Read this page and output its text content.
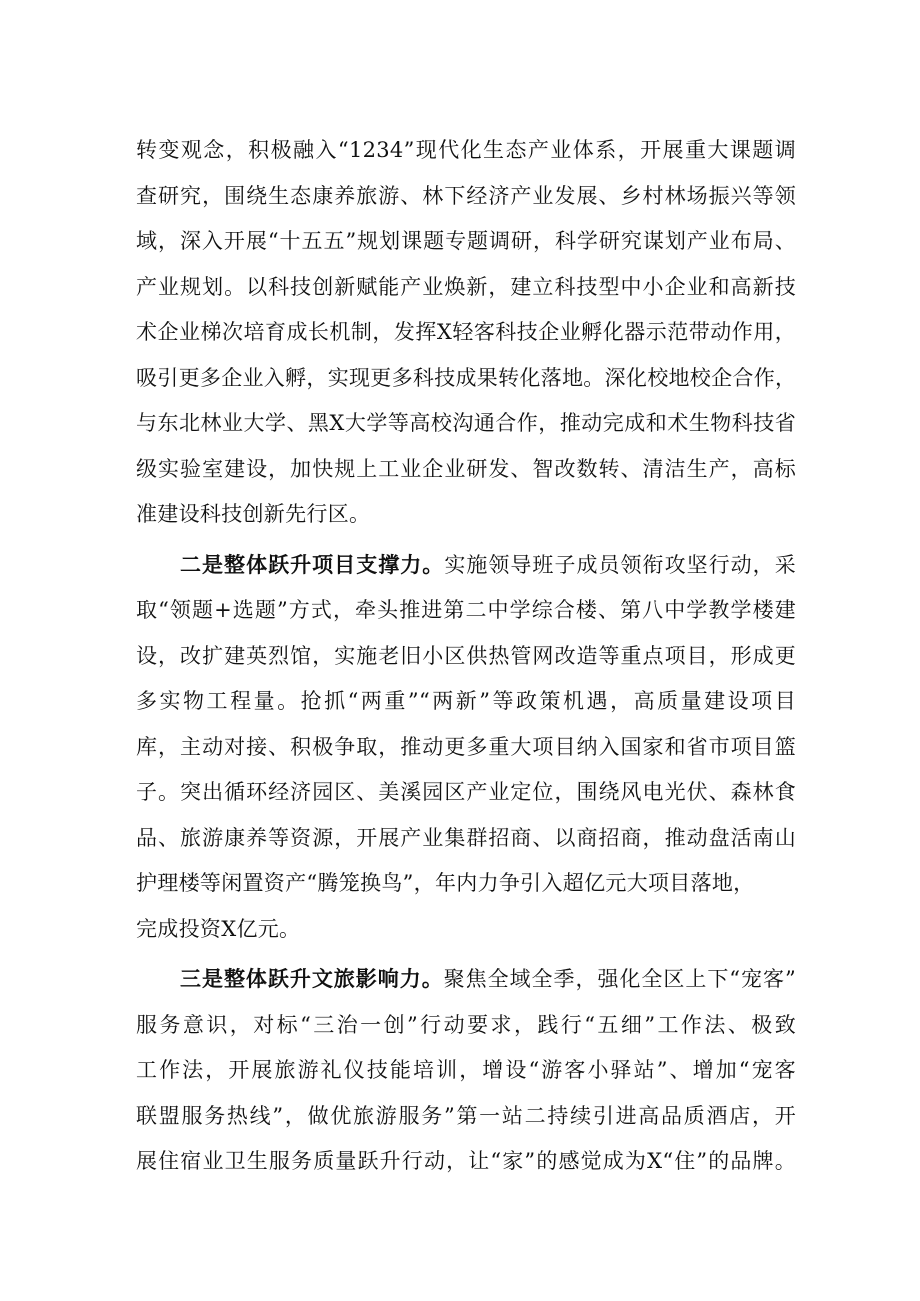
转变观念，积极融入“1234”现代化生态产业体系，开展重大课题调
查研究，围绕生态康养旅游、林下经济产业发展、乡村林场振兴等领
域，深入开展“十五五”规划课题专题调研，科学研究谋划产业布局、
产业规划。以科技创新赋能产业焕新，建立科技型中小企业和高新技
术企业梯次培育成长机制，发挥X轻客科技企业孵化器示范带动作用，
吸引更多企业入孵，实现更多科技成果转化落地。深化校地校企合作，
与东北林业大学、黑X大学等高校沟通合作，推动完成和术生物科技省
级实验室建设，加快规上工业企业研发、智改数转、清洁生产，高标
准建设科技创新先行区。
二是整体跃升项目支撑力。实施领导班子成员领衔攻坚行动，采
取“领题+选题”方式，牵头推进第二中学综合楼、第八中学教学楼建
设，改扩建英烈馆，实施老旧小区供热管网改造等重点项目，形成更
多实物工程量。抢抓“两重”“两新”等政策机遇，高质量建设项目
库，主动对接、积极争取，推动更多重大项目纳入国家和省市项目篮
子。突出循环经济园区、美溪园区产业定位，围绕风电光伏、森林食
品、旅游康养等资源，开展产业集群招商、以商招商，推动盘活南山
护理楼等闲置资产“腾笼换鸟”，年内力争引入超亿元大项目落地，
完成投资X亿元。
三是整体跃升文旅影响力。聚焦全域全季，强化全区上下“宠客”
服务意识，对标“三治一创”行动要求，践行“五细”工作法、极致
工作法，开展旅游礼仪技能培训，增设“游客小驿站”、增加“宠客
联盟服务热线”，做优旅游服务”第一站二持续引进高品质酒店，开
展住宿业卫生服务质量跃升行动，让“家”的感觉成为X“住”的品牌。
